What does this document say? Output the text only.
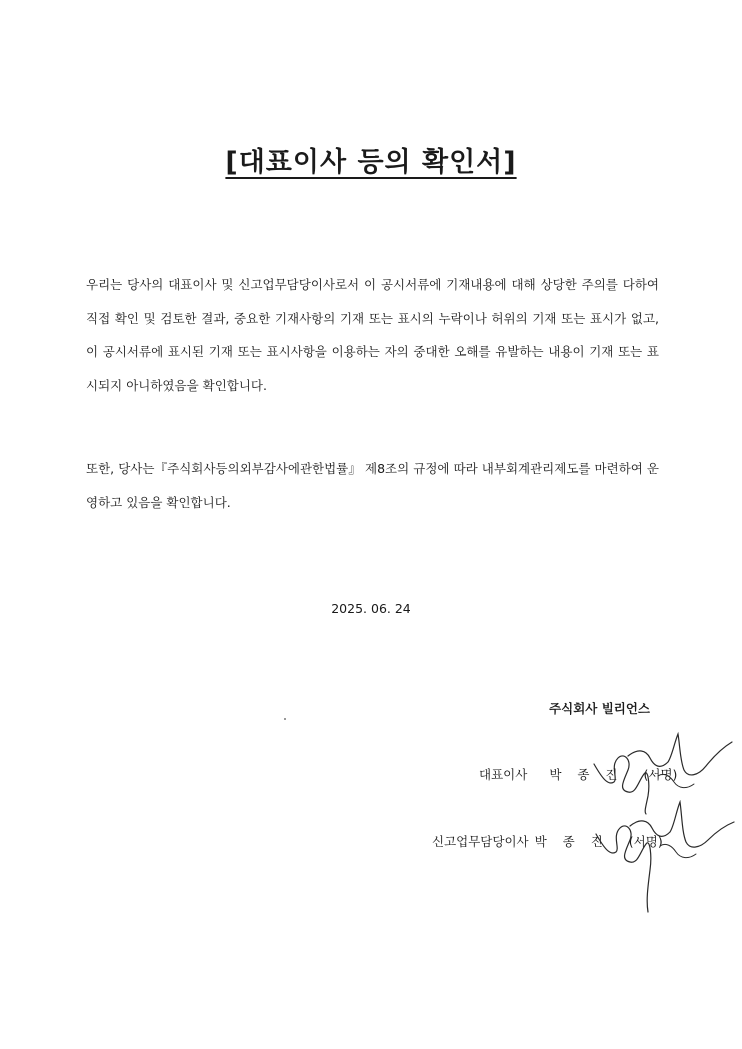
[대표이사 등의 확인서]

우리는 당사의 대표이사 및 신고업무담당이사로서 이 공시서류에 기재내용에 대해 상당한 주의를 다하여 직접 확인 및 검토한 결과, 중요한 기재사항의 기재 또는 표시의 누락이나 허위의 기재 또는 표시가 없고, 이 공시서류에 표시된 기재 또는 표시사항을 이용하는 자의 중대한 오해를 유발하는 내용이 기재 또는 표시되지 아니하였음을 확인합니다.

또한, 당사는『주식회사등의외부감사에관한법률』 제8조의 규정에 따라 내부회계관리제도를 마련하여 운영하고 있음을 확인합니다.

2025. 06. 24
주식회사 빌리언스
대표이사 박 종 진 (서명)
신고업무담당이사 박 종 진 (서명)
